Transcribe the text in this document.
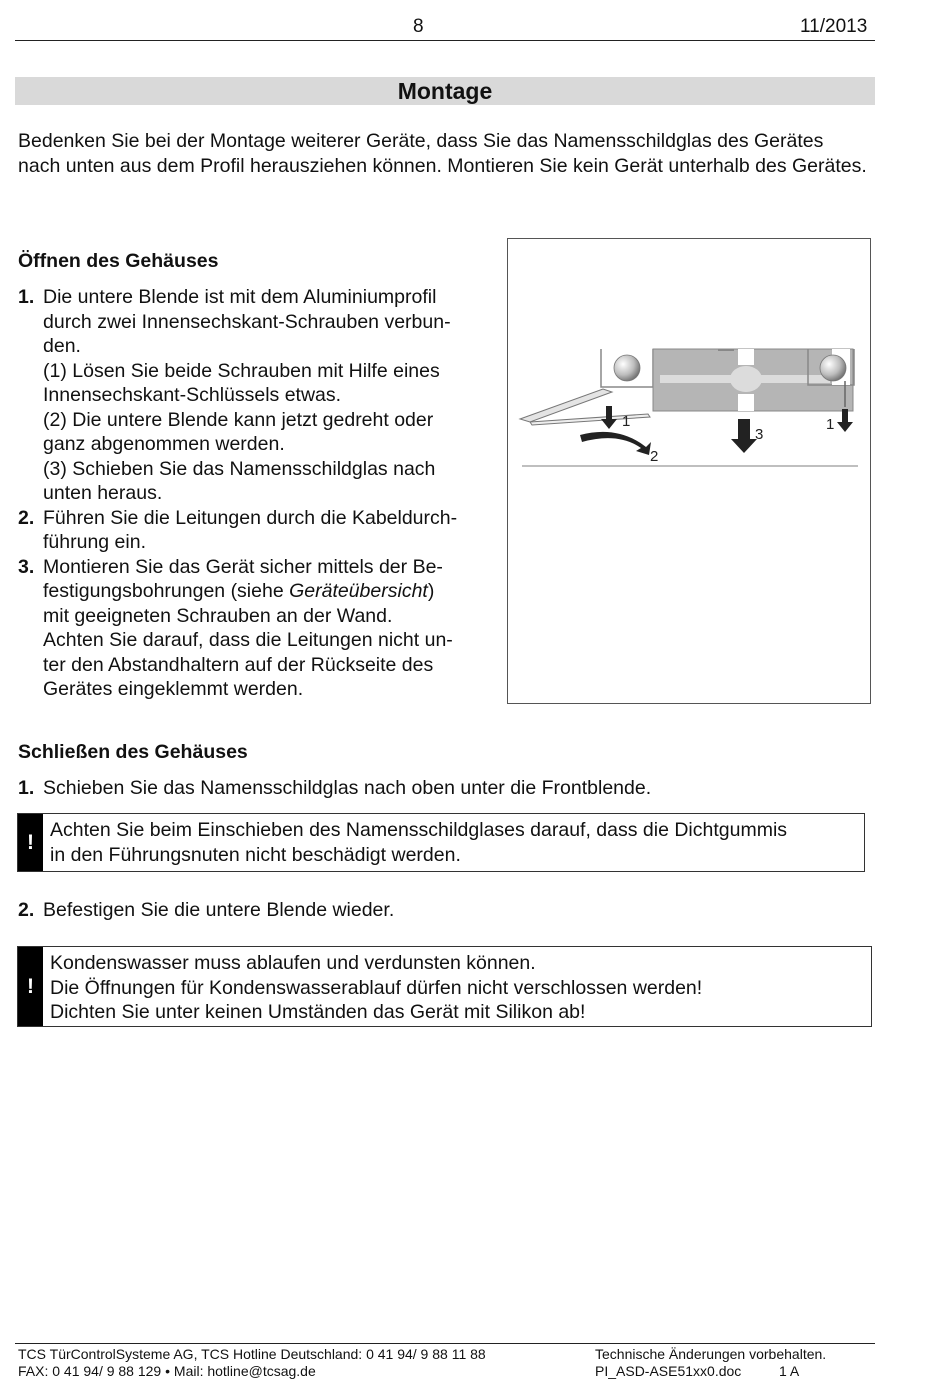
8	11/2013
Montage
Bedenken Sie bei der Montage weiterer Geräte, dass Sie das Namensschildglas des Gerätes nach unten aus dem Profil herausziehen können. Montieren Sie kein Gerät unterhalb des Gerätes.
Öffnen des Gehäuses
1. Die untere Blende ist mit dem Aluminiumprofil
durch zwei Innensechskant-Schrauben verbun-
den.
(1) Lösen Sie beide Schrauben mit Hilfe eines
Innensechskant-Schlüssels etwas.
(2) Die untere Blende kann jetzt gedreht oder
ganz abgenommen werden.
(3) Schieben Sie das Namensschildglas nach
unten heraus.
2. Führen Sie die Leitungen durch die Kabeldurch-
führung ein.
3. Montieren Sie das Gerät sicher mittels der Be-
festigungsbohrungen (siehe Geräteübersicht)
mit geeigneten Schrauben an der Wand.
Achten Sie darauf, dass die Leitungen nicht un-
ter den Abstandhaltern auf der Rückseite des
Gerätes eingeklemmt werden.
1
2
3
1
Schließen des Gehäuses
1. Schieben Sie das Namensschildglas nach oben unter die Frontblende.
!
Achten Sie beim Einschieben des Namensschildglases darauf, dass die Dichtgummis
in den Führungsnuten nicht beschädigt werden.
2. Befestigen Sie die untere Blende wieder.
!
Kondenswasser muss ablaufen und verdunsten können.
Die Öffnungen für Kondenswasserablauf dürfen nicht verschlossen werden!
Dichten Sie unter keinen Umständen das Gerät mit Silikon ab!
TCS TürControlSysteme AG, TCS Hotline Deutschland: 0 41 94/ 9 88 11 88
FAX: 0 41 94/ 9 88 129 • Mail: hotline@tcsag.de
Technische Änderungen vorbehalten.
PI_ASD-ASE51xx0.doc	1 A
